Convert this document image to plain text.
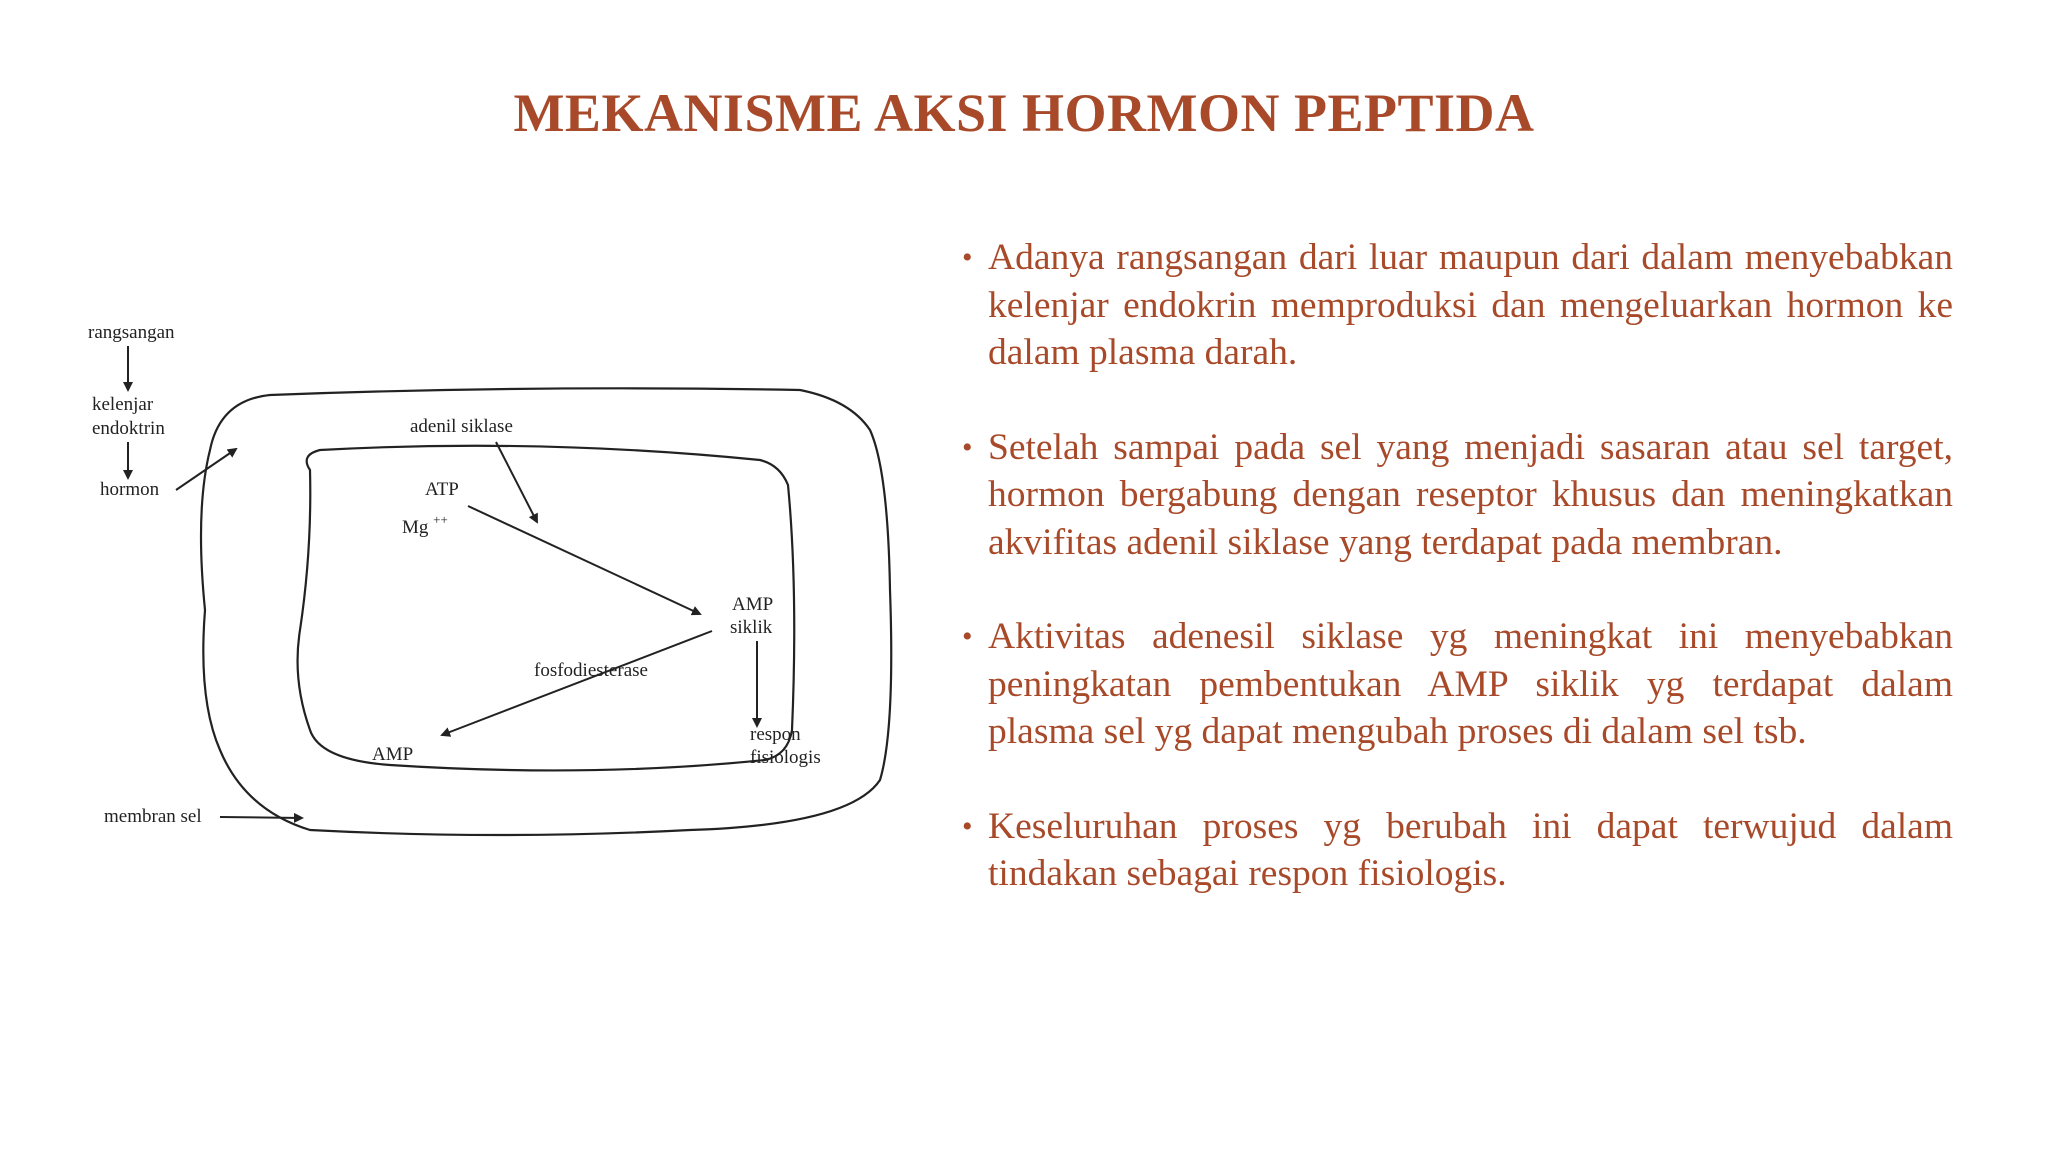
MEKANISME AKSI HORMON PEPTIDA
rangsangan
kelenjar
endoktrin
hormon
membran sel
adenil siklase
ATP
Mg ++
AMP
siklik
fosfodiesterase
AMP
respon
fisiologis
• Adanya rangsangan dari luar maupun dari dalam menyebabkan kelenjar endokrin memproduksi dan mengeluarkan hormon ke dalam plasma darah.
• Setelah sampai pada sel yang menjadi sasaran atau sel target, hormon bergabung dengan reseptor khusus dan meningkatkan akvifitas adenil siklase yang terdapat pada membran.
• Aktivitas adenesil siklase yg meningkat ini menyebabkan peningkatan pembentukan AMP siklik yg terdapat dalam plasma sel yg dapat mengubah proses di dalam sel tsb.
• Keseluruhan proses yg berubah ini dapat terwujud dalam tindakan sebagai respon fisiologis.
